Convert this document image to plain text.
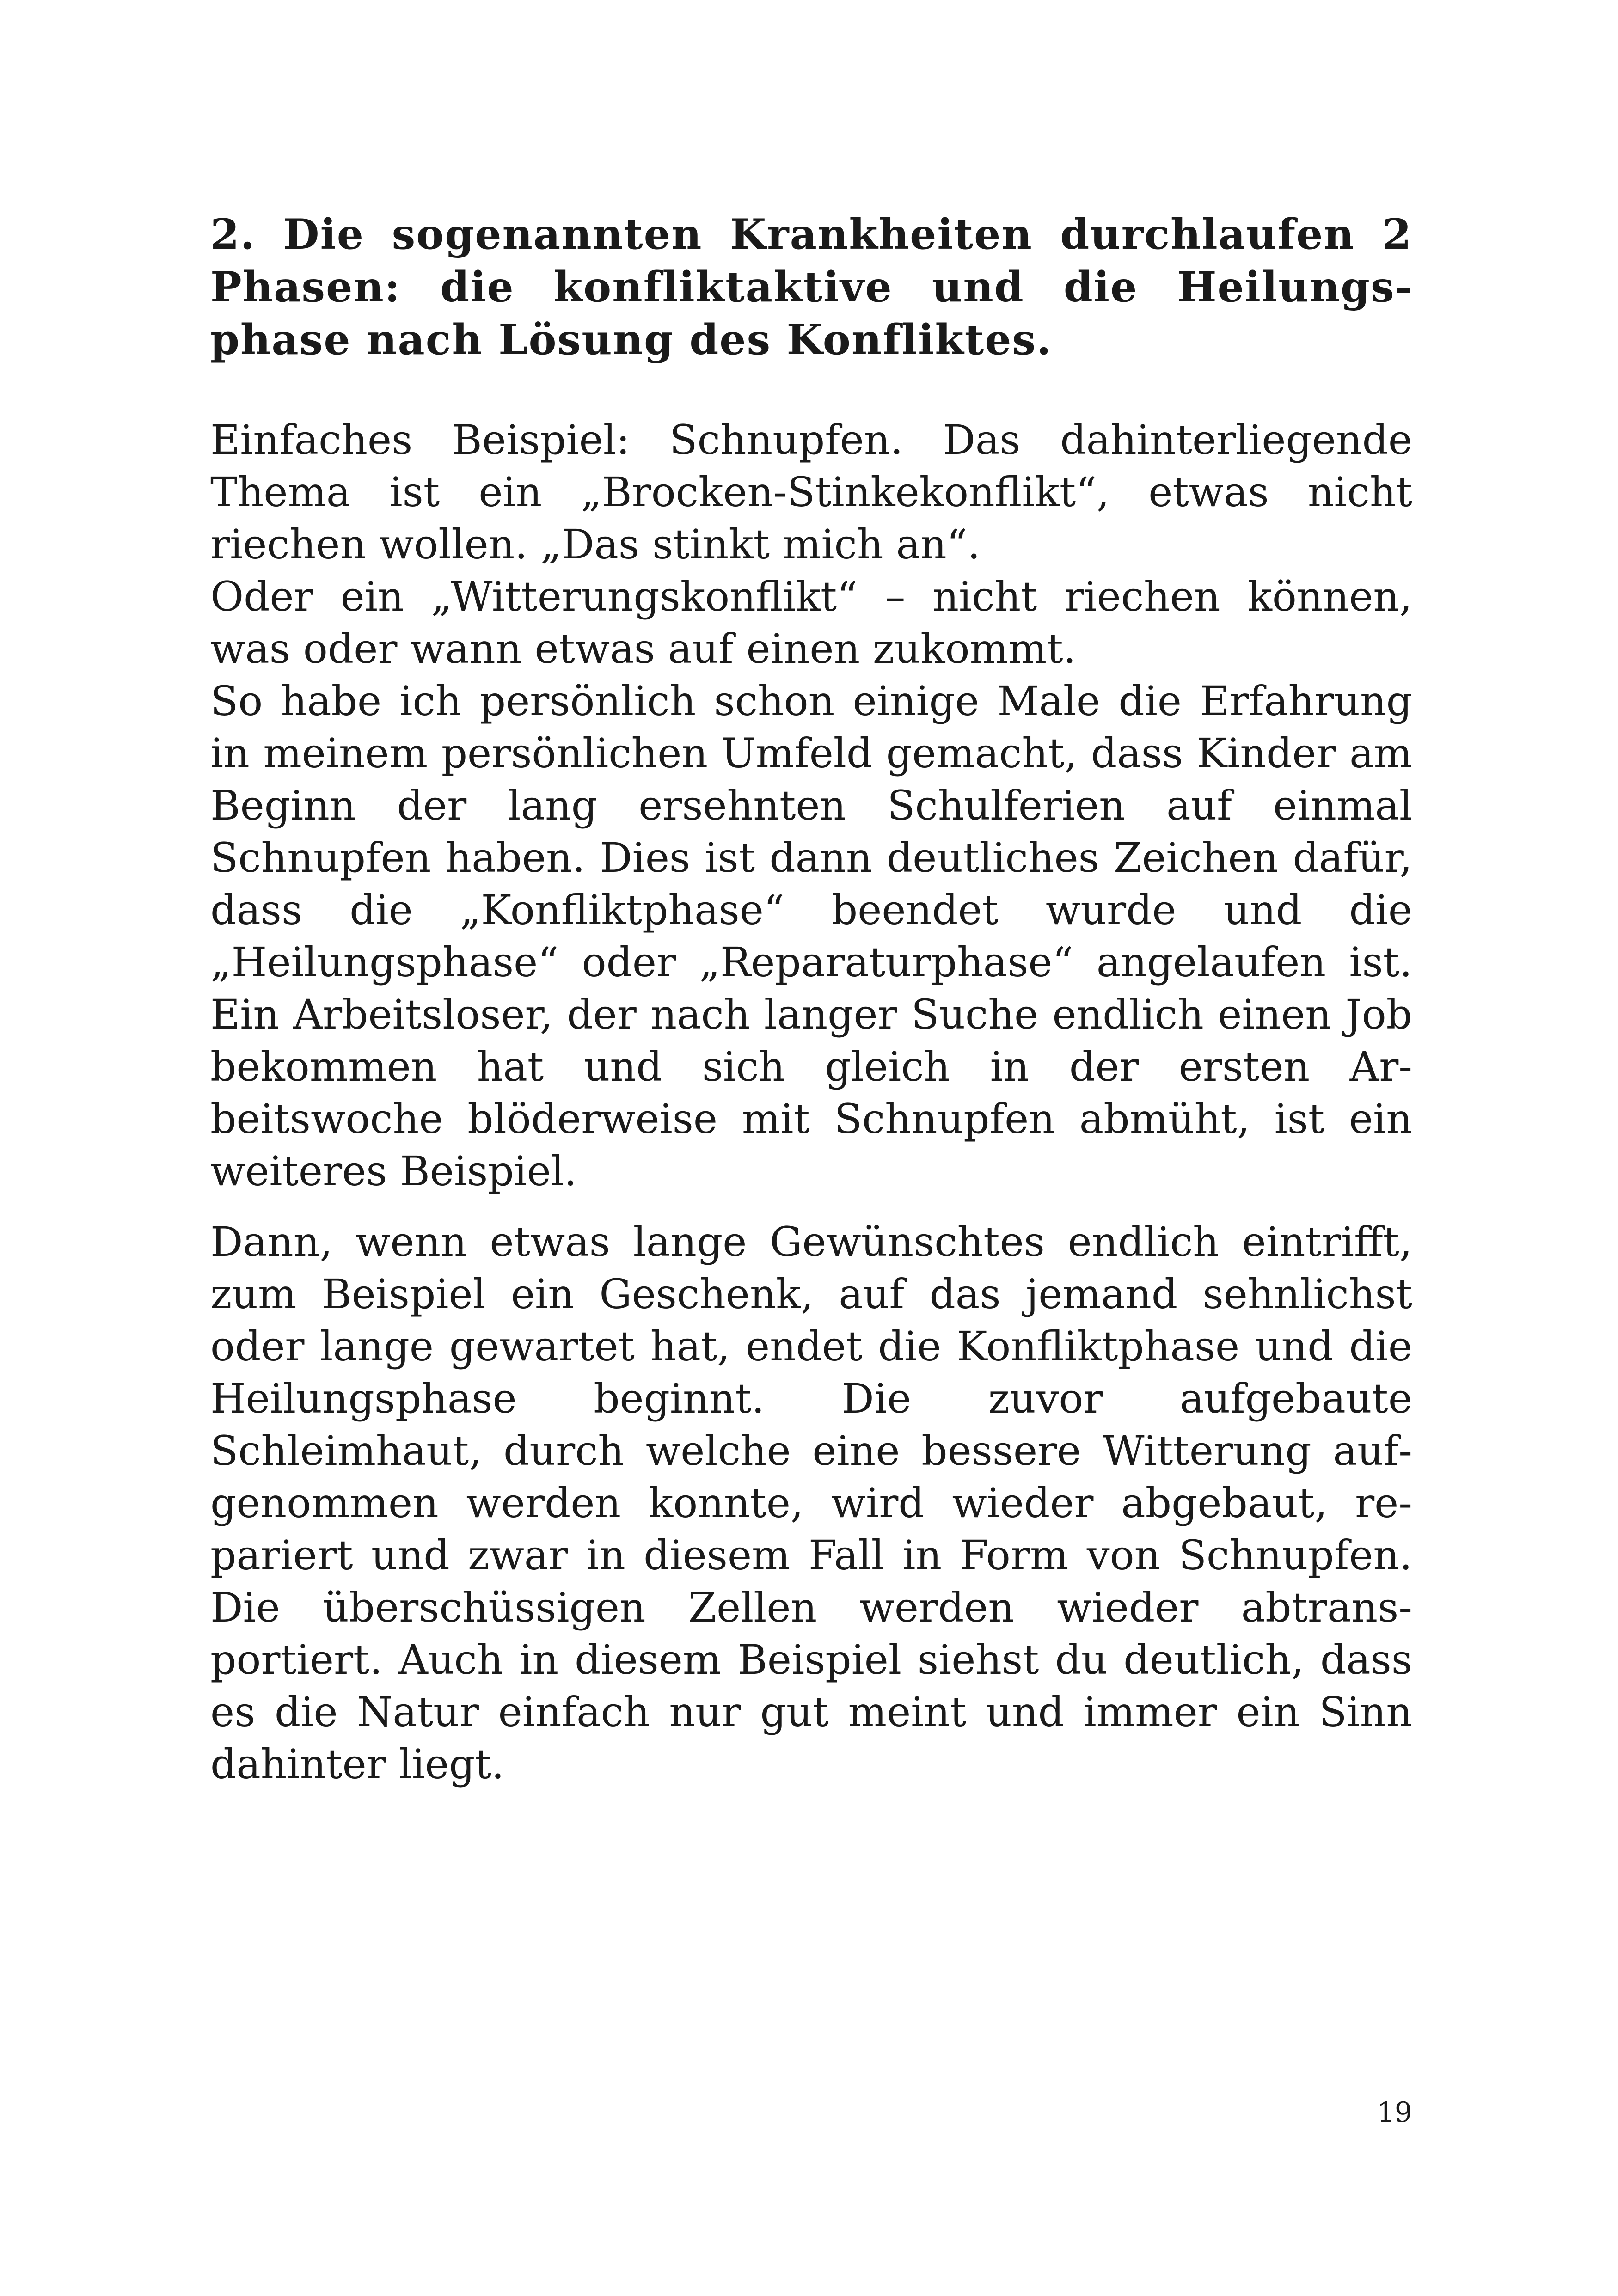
2. Die sogenannten Krankheiten durchlaufen 2 Phasen: die konfliktaktive und die Heilungsphase nach Lösung des Konfliktes.

Einfaches Beispiel: Schnupfen. Das dahinterliegende Thema ist ein „Brocken-Stinkekonflikt“, etwas nicht riechen wollen. „Das stinkt mich an“.

Oder ein „Witterungskonflikt“ – nicht riechen können, was oder wann etwas auf einen zukommt.

So habe ich persönlich schon einige Male die Erfahrung in meinem persönlichen Umfeld gemacht, dass Kinder am Beginn der lang ersehnten Schulferien auf einmal Schnupfen haben. Dies ist dann deutliches Zeichen dafür, dass die „Konfliktphase“ beendet wurde und die „Heilungsphase“ oder „Reparaturphase“ angelaufen ist. Ein Arbeitsloser, der nach langer Suche endlich einen Job bekommen hat und sich gleich in der ersten Arbeitswoche blöderweise mit Schnupfen abmüht, ist ein weiteres Beispiel.

Dann, wenn etwas lange Gewünschtes endlich eintrifft, zum Beispiel ein Geschenk, auf das jemand sehnlichst oder lange gewartet hat, endet die Konfliktphase und die Heilungsphase beginnt. Die zuvor aufgebaute Schleimhaut, durch welche eine bessere Witterung aufgenommen werden konnte, wird wieder abgebaut, repariert und zwar in diesem Fall in Form von Schnupfen. Die überschüssigen Zellen werden wieder abtransportiert. Auch in diesem Beispiel siehst du deutlich, dass es die Natur einfach nur gut meint und immer ein Sinn dahinter liegt.

19
